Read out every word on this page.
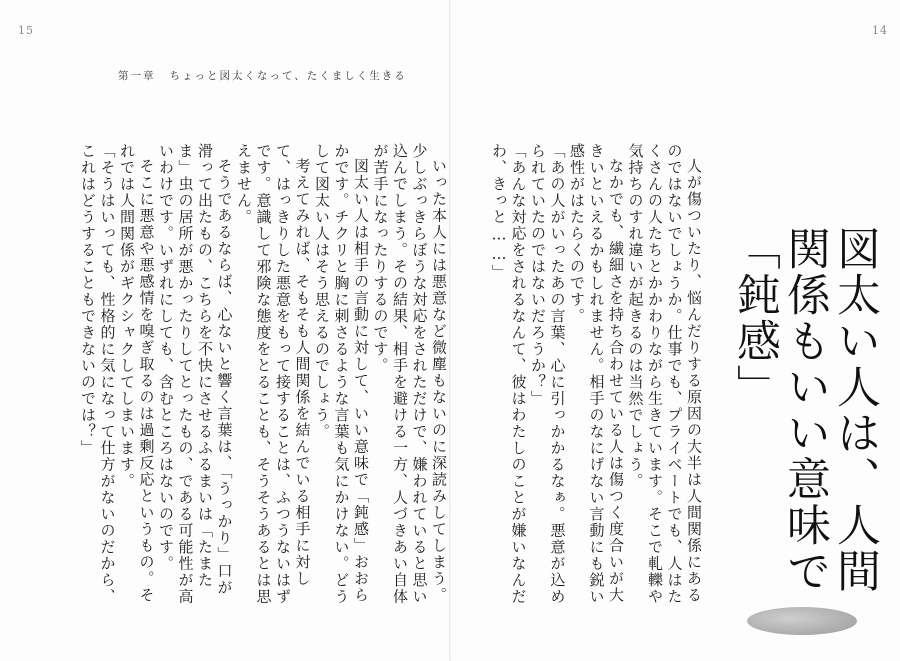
15	14
第一章 ちょっと図太くなって、たくましく生きる

人が傷ついたり、悩んだりする原因の大半は人間関係にあるのではないでしょうか。仕事でも、プライベートでも、人はたくさんの人たちとかかわりながら生きています。そこで軋轢や気持ちのすれ違いが起きるのは当然でしょう。

なかでも、繊細さを持ち合わせている人は傷つく度合いが大きいといえるかもしれません。相手のなにげない言動にも鋭い感性がはたらくのです。

「あの人がいったあの言葉、心に引っかかるなぁ。悪意が込められていたのではないだろうか？」

「あんな対応をされるなんて、彼はわたしのことが嫌いなんだわ、きっと……」

いった本人には悪意など微塵もないのに深読みしてしまう。少しぶっきらぼうな対応をされただけで、嫌われていると思い込んでしまう。その結果、相手を避ける一方、人づきあい自体が苦手になったりするのです。

図太い人は相手の言動に対して、いい意味で「鈍感」おおらかです。チクリと胸に刺さるような言葉も気にかけない。どうして図太い人はそう思えるのでしょう。

考えてみれば、そもそも人間関係を結んでいる相手に対して、はっきりした悪意をもって接することは、ふつうないはずです。意識して邪険な態度をとることも、そうそうあるとは思えません。

そうであるならば、心ないと響く言葉は、「うっかり」口が滑って出たもの、こちらを不快にさせるふるまいは「たまたま」虫の居所が悪かったりしてとったもの、である可能性が高いわけです。いずれにしても、含むところはないのです。

そこに悪意や悪感情を嗅ぎ取るのは過剰反応というもの。それでは人間関係がギクシャクしてしまいます。

「そうはいっても、性格的に気になって仕方がないのだから、これはどうすることもできないのでは？」	図太い人は、人間関係もいい意味で「鈍感」
